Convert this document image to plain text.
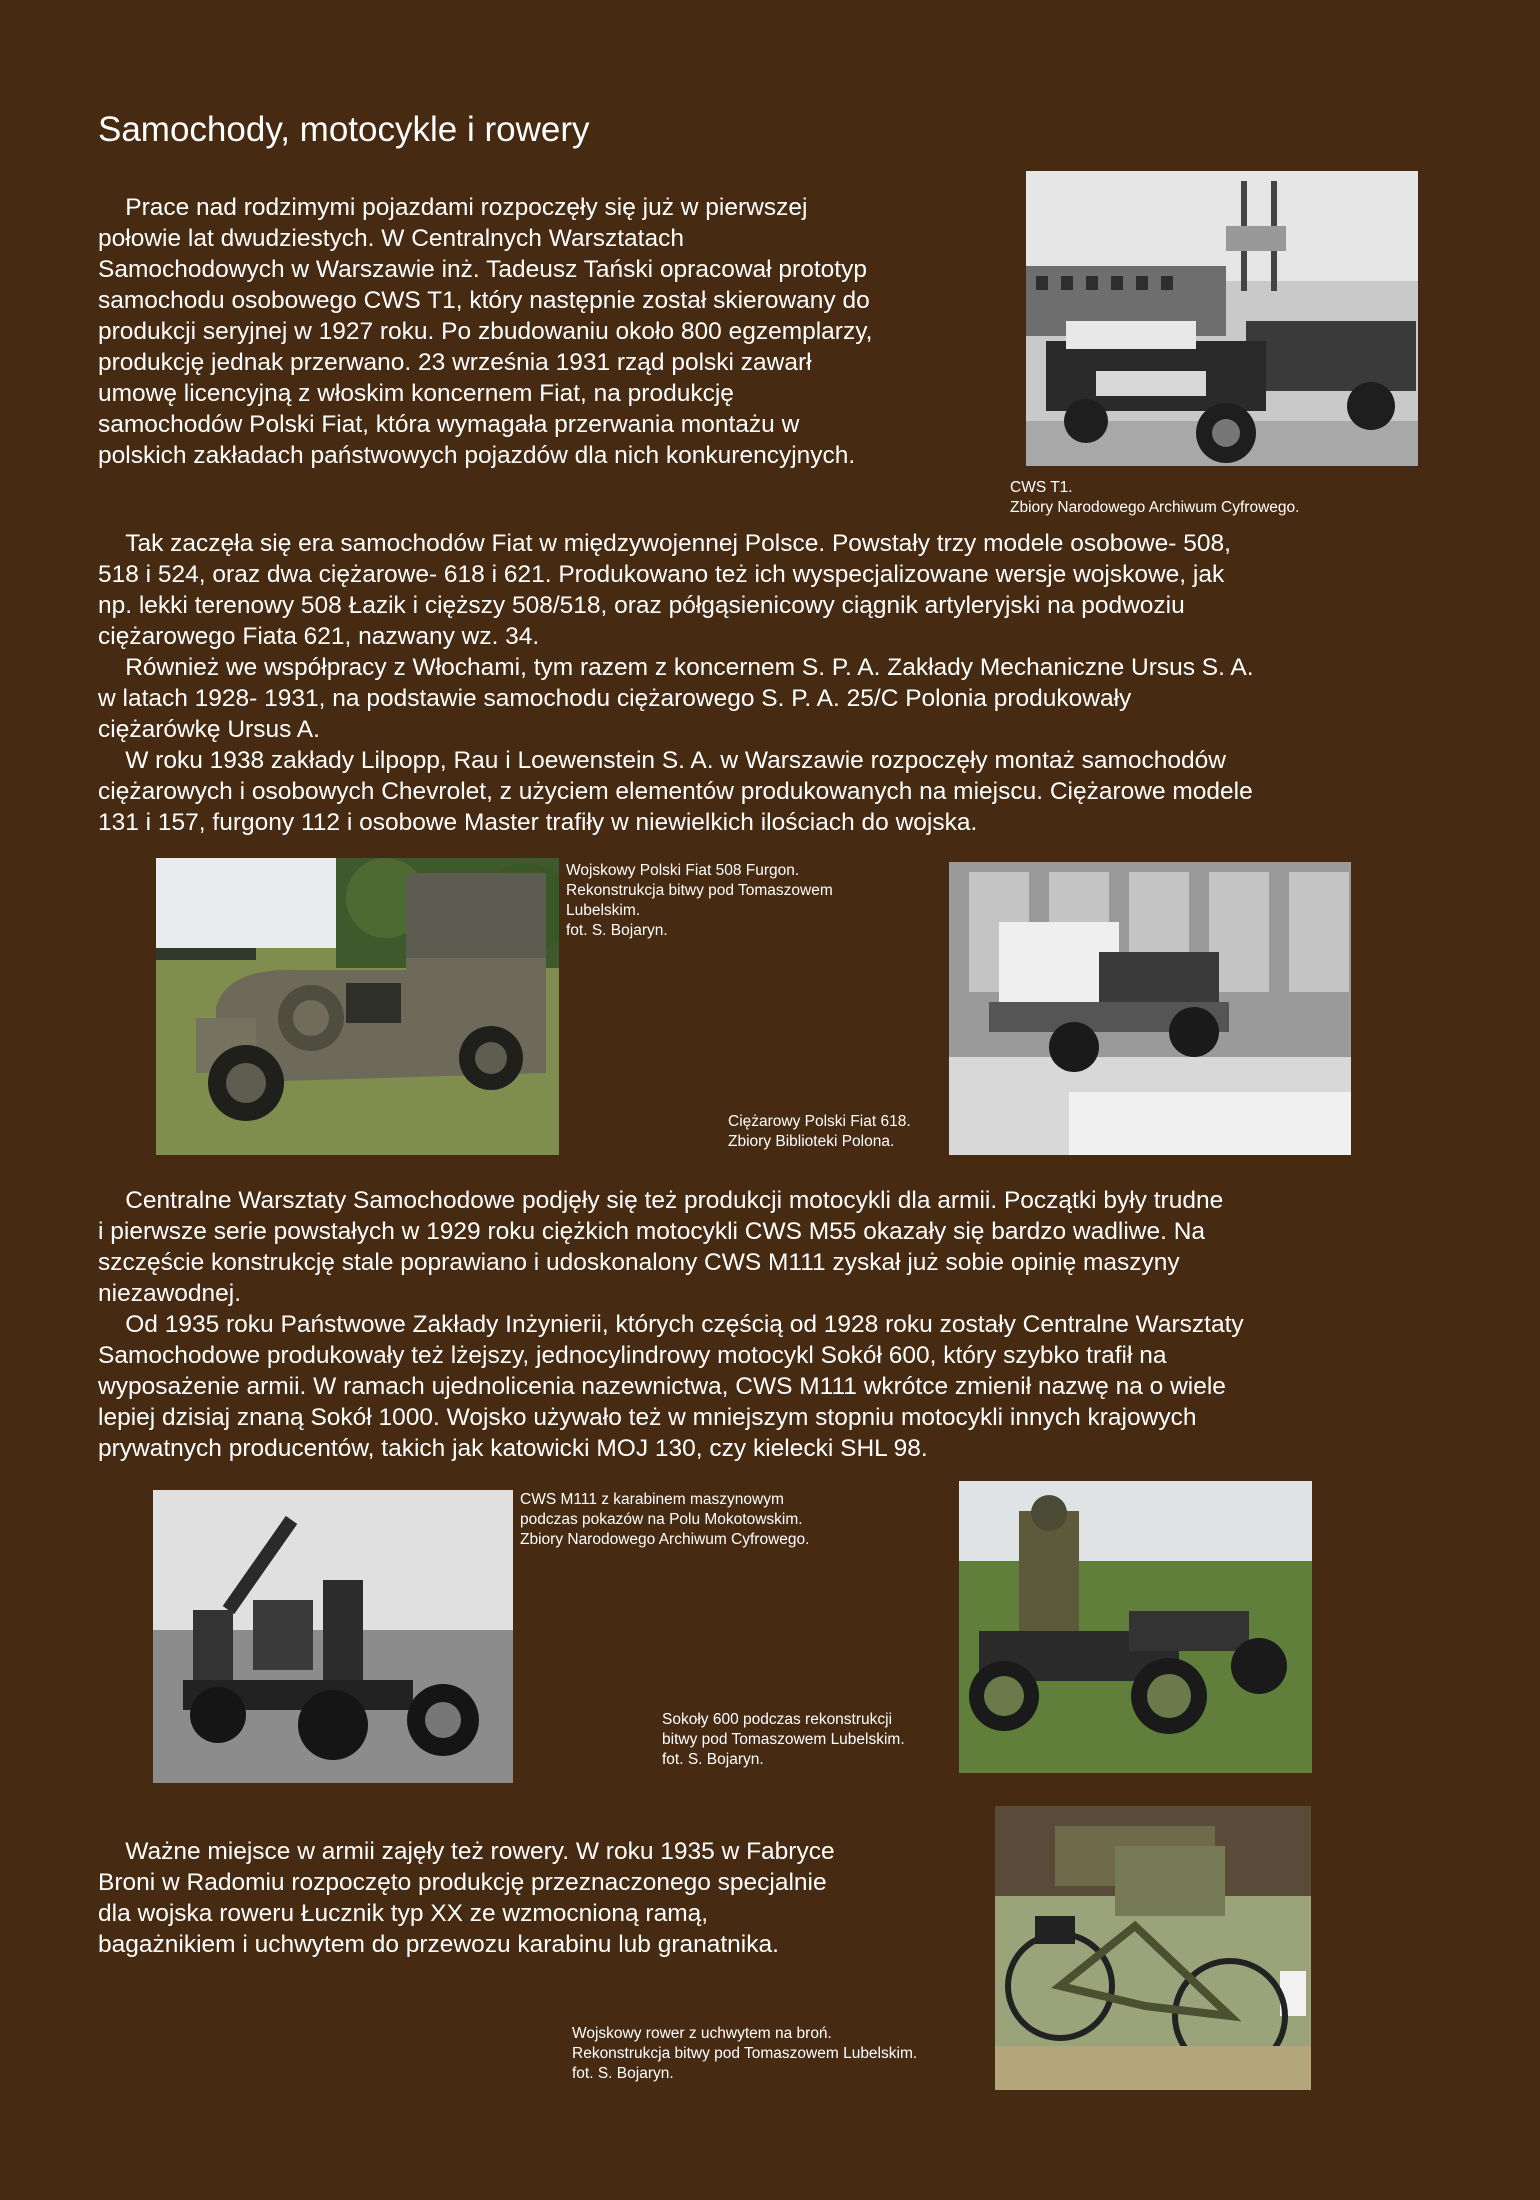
Samochody, motocykle i rowery
Prace nad rodzimymi pojazdami rozpoczęły się już w pierwszej
połowie lat dwudziestych. W Centralnych Warsztatach
Samochodowych w Warszawie inż. Tadeusz Tański opracował prototyp
samochodu osobowego CWS T1, który następnie został skierowany do
produkcji seryjnej w 1927 roku. Po zbudowaniu około 800 egzemplarzy,
produkcję jednak przerwano. 23 września 1931 rząd polski zawarł
umowę licencyjną z włoskim koncernem Fiat, na produkcję
samochodów Polski Fiat, która wymagała przerwania montażu w
polskich zakładach państwowych pojazdów dla nich konkurencyjnych.
CWS T1.
Zbiory Narodowego Archiwum Cyfrowego.
Tak zaczęła się era samochodów Fiat w międzywojennej Polsce. Powstały trzy modele osobowe- 508,
518 i 524, oraz dwa ciężarowe- 618 i 621. Produkowano też ich wyspecjalizowane wersje wojskowe, jak
np. lekki terenowy 508 Łazik i cięższy 508/518, oraz półgąsienicowy ciągnik artyleryjski na podwoziu
ciężarowego Fiata 621, nazwany wz. 34.
Również we współpracy z Włochami, tym razem z koncernem S. P. A. Zakłady Mechaniczne Ursus S. A.
w latach 1928- 1931, na podstawie samochodu ciężarowego S. P. A. 25/C Polonia produkowały
ciężarówkę Ursus A.
W roku 1938 zakłady Lilpopp, Rau i Loewenstein S. A. w Warszawie rozpoczęły montaż samochodów
ciężarowych i osobowych Chevrolet, z użyciem elementów produkowanych na miejscu. Ciężarowe modele
131 i 157, furgony 112 i osobowe Master trafiły w niewielkich ilościach do wojska.
Wojskowy Polski Fiat 508 Furgon.
Rekonstrukcja bitwy pod Tomaszowem
Lubelskim.
fot. S. Bojaryn.
Ciężarowy Polski Fiat 618.
Zbiory Biblioteki Polona.
Centralne Warsztaty Samochodowe podjęły się też produkcji motocykli dla armii. Początki były trudne
i pierwsze serie powstałych w 1929 roku ciężkich motocykli CWS M55 okazały się bardzo wadliwe. Na
szczęście konstrukcję stale poprawiano i udoskonalony CWS M111 zyskał już sobie opinię maszyny
niezawodnej.
Od 1935 roku Państwowe Zakłady Inżynierii, których częścią od 1928 roku zostały Centralne Warsztaty
Samochodowe produkowały też lżejszy, jednocylindrowy motocykl Sokół 600, który szybko trafił na
wyposażenie armii. W ramach ujednolicenia nazewnictwa, CWS M111 wkrótce zmienił nazwę na o wiele
lepiej dzisiaj znaną Sokół 1000. Wojsko używało też w mniejszym stopniu motocykli innych krajowych
prywatnych producentów, takich jak katowicki MOJ 130, czy kielecki SHL 98.
CWS M111 z karabinem maszynowym
podczas pokazów na Polu Mokotowskim.
Zbiory Narodowego Archiwum Cyfrowego.
Sokoły 600 podczas rekonstrukcji
bitwy pod Tomaszowem Lubelskim.
fot. S. Bojaryn.
Ważne miejsce w armii zajęły też rowery. W roku 1935 w Fabryce
Broni w Radomiu rozpoczęto produkcję przeznaczonego specjalnie
dla wojska roweru Łucznik typ XX ze wzmocnioną ramą,
bagażnikiem i uchwytem do przewozu karabinu lub granatnika.
Wojskowy rower z uchwytem na broń.
Rekonstrukcja bitwy pod Tomaszowem Lubelskim.
fot. S. Bojaryn.
